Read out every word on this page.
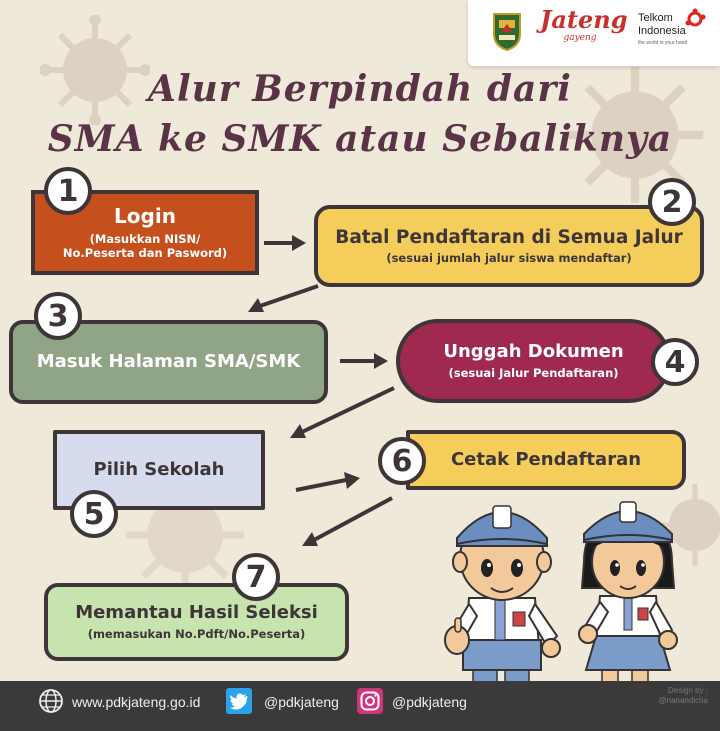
Jateng
gayeng
Telkom Indonesia
the world in your hand
Alur Berpindah dari
SMA ke SMK atau Sebaliknya
Login
(Masukkan NISN/
No.Peserta dan Pasword)
1
Batal Pendaftaran di Semua Jalur
(sesuai jumlah jalur siswa mendaftar)
2
Masuk Halaman SMA/SMK
3
Unggah Dokumen
(sesuai Jalur Pendaftaran)	4
Pilih Sekolah
5
Cetak Pendaftaran
6
Memantau Hasil Seleksi
(memasukan No.Pdft/No.Peserta)
7
www.pdkjateng.go.id	@pdkjateng	@pdkjateng
Design by :
@nanandicha
